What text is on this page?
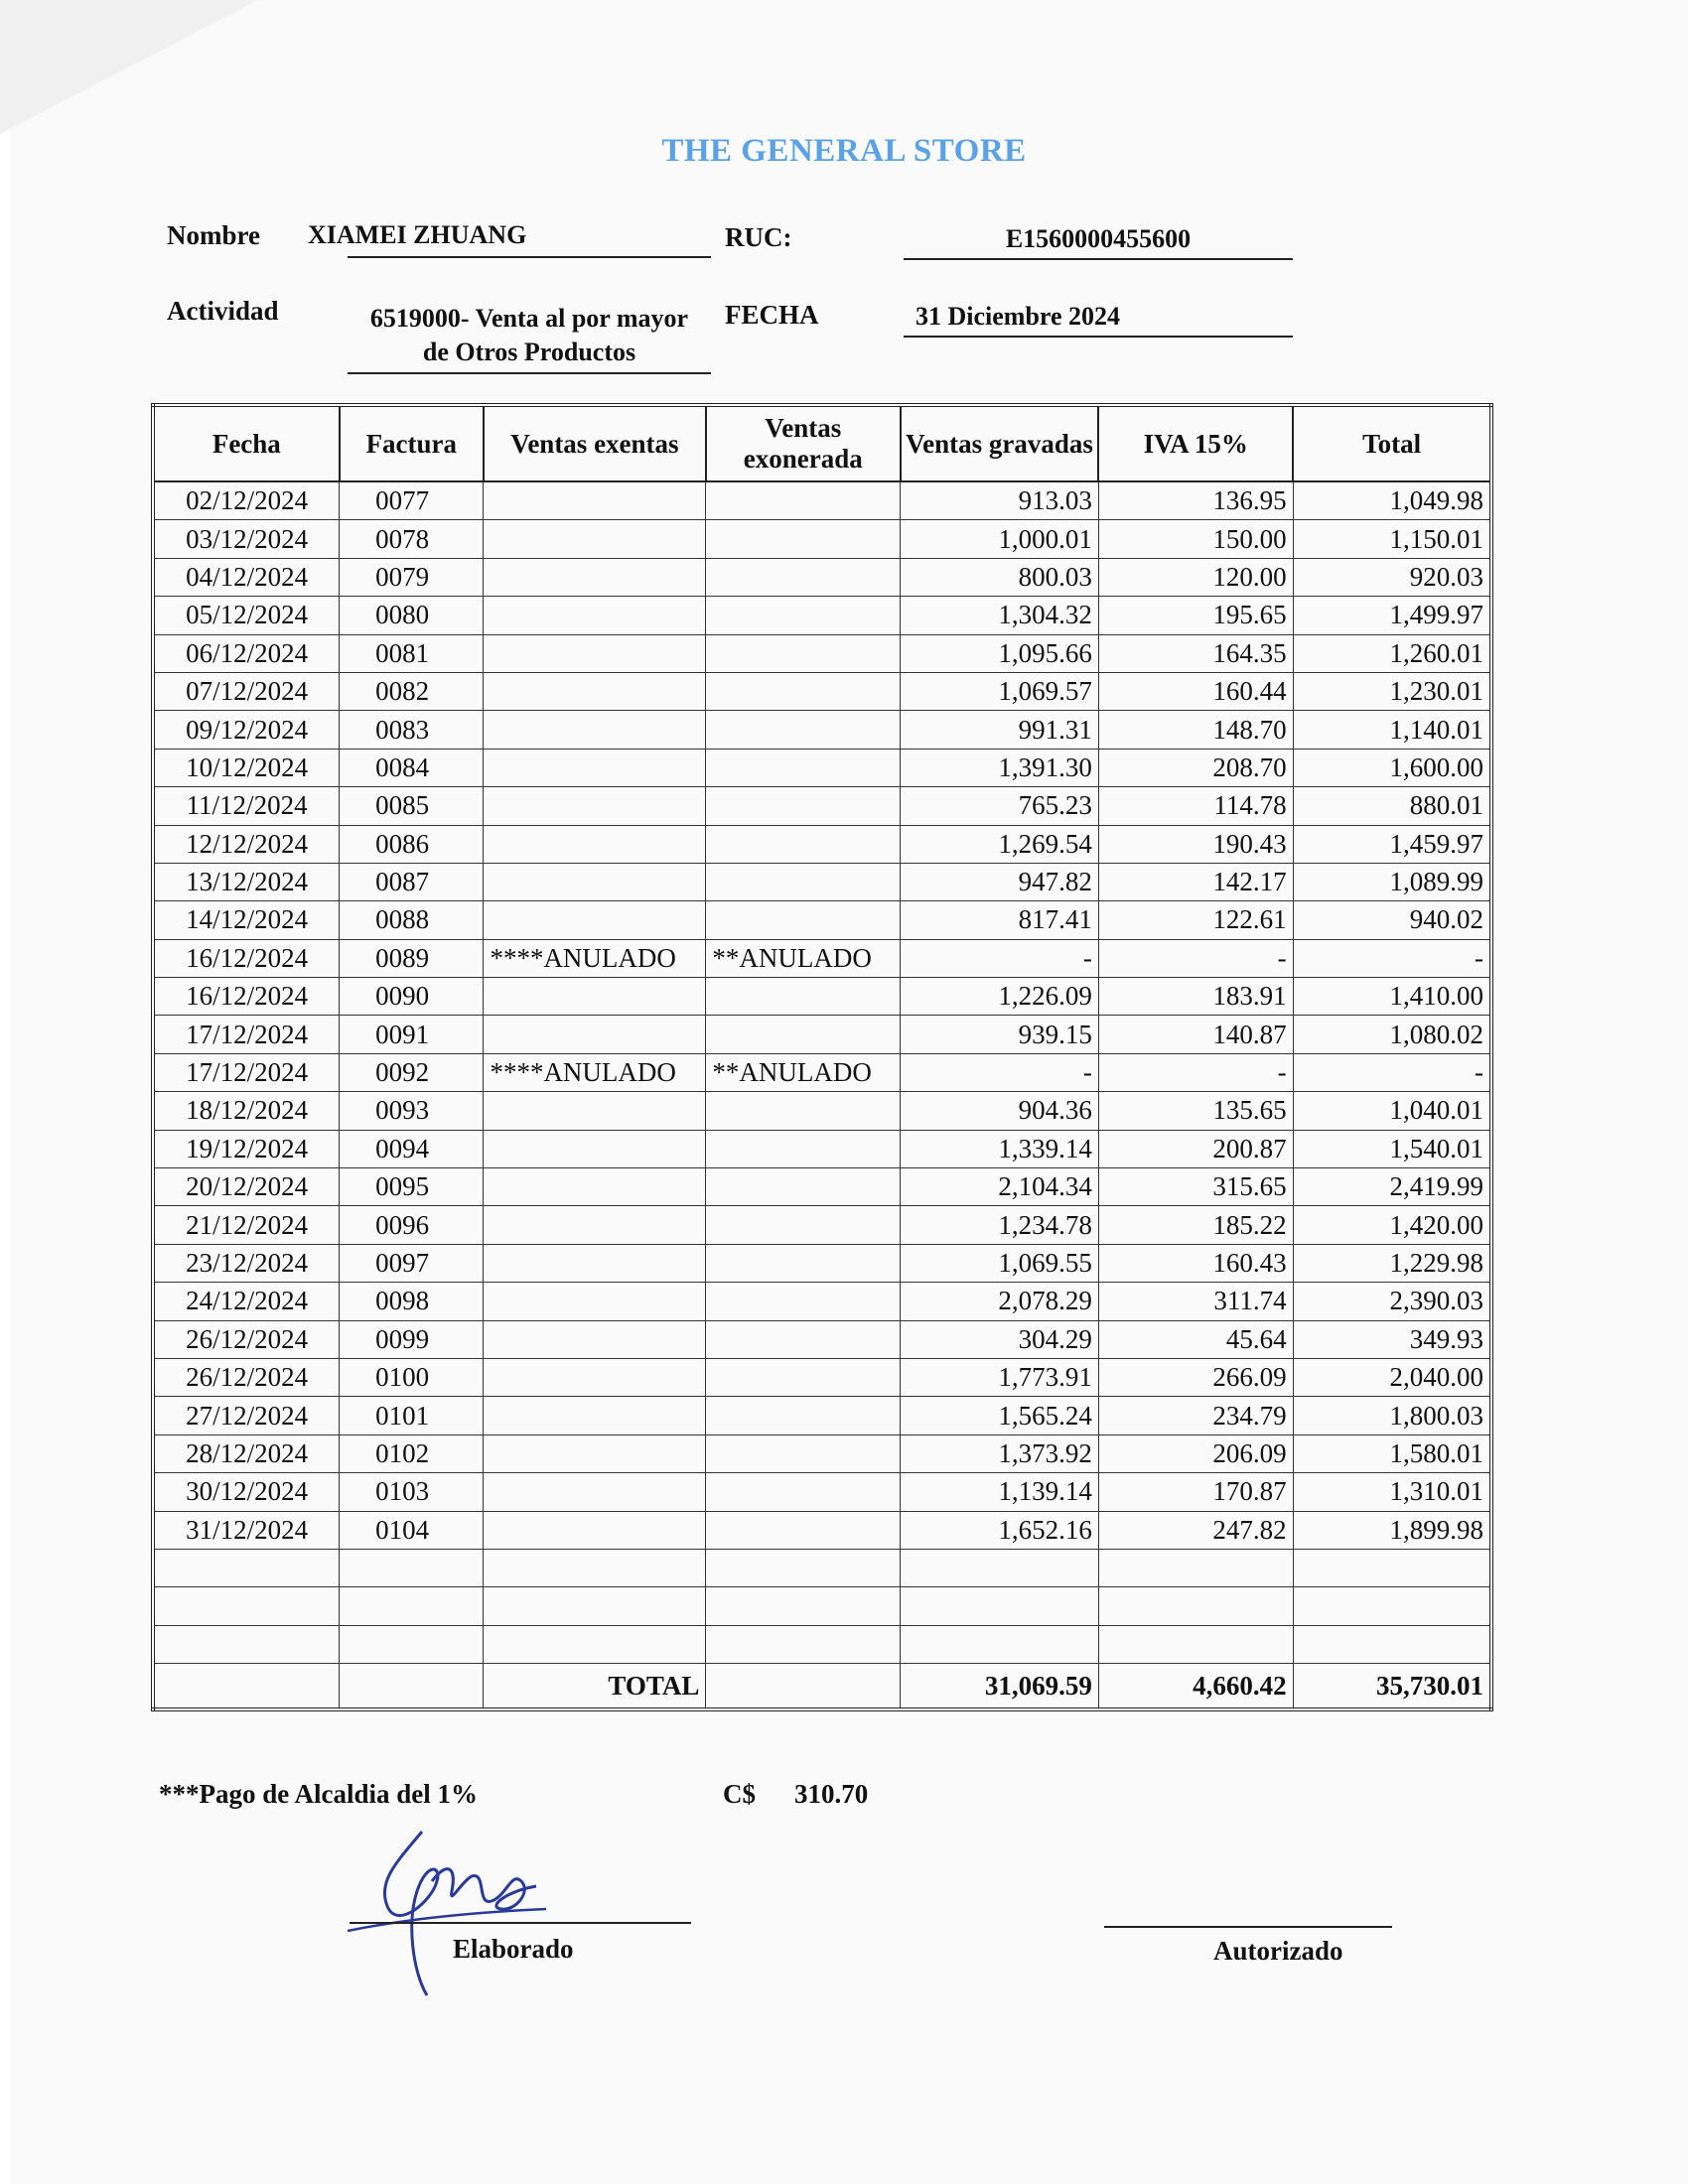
THE GENERAL STORE
Nombre XIAMEI ZHUANG	RUC:	E1560000455600
Actividad	6519000- Venta al por mayor
de Otros Productos
FECHA	31 Diciembre 2024
Fecha	Factura	Ventas exentas	Ventas exonerada	Ventas gravadas	IVA 15%	Total
02/12/2024	0077			913.03	136.95	1,049.98
03/12/2024	0078			1,000.01	150.00	1,150.01
04/12/2024	0079			800.03	120.00	920.03
05/12/2024	0080			1,304.32	195.65	1,499.97
06/12/2024	0081			1,095.66	164.35	1,260.01
07/12/2024	0082			1,069.57	160.44	1,230.01
09/12/2024	0083			991.31	148.70	1,140.01
10/12/2024	0084			1,391.30	208.70	1,600.00
11/12/2024	0085			765.23	114.78	880.01
12/12/2024	0086			1,269.54	190.43	1,459.97
13/12/2024	0087			947.82	142.17	1,089.99
14/12/2024	0088			817.41	122.61	940.02
16/12/2024	0089	****ANULADO	**ANULADO	-	-	-
16/12/2024	0090			1,226.09	183.91	1,410.00
17/12/2024	0091			939.15	140.87	1,080.02
17/12/2024	0092	****ANULADO	**ANULADO	-	-	-
18/12/2024	0093			904.36	135.65	1,040.01
19/12/2024	0094			1,339.14	200.87	1,540.01
20/12/2024	0095			2,104.34	315.65	2,419.99
21/12/2024	0096			1,234.78	185.22	1,420.00
23/12/2024	0097			1,069.55	160.43	1,229.98
24/12/2024	0098			2,078.29	311.74	2,390.03
26/12/2024	0099			304.29	45.64	349.93
26/12/2024	0100			1,773.91	266.09	2,040.00
27/12/2024	0101			1,565.24	234.79	1,800.03
28/12/2024	0102			1,373.92	206.09	1,580.01
30/12/2024	0103			1,139.14	170.87	1,310.01
31/12/2024	0104			1,652.16	247.82	1,899.98

		TOTAL		31,069.59	4,660.42	35,730.01
***Pago de Alcaldia del 1%	C$ 310.70
Elaborado	Autorizado
